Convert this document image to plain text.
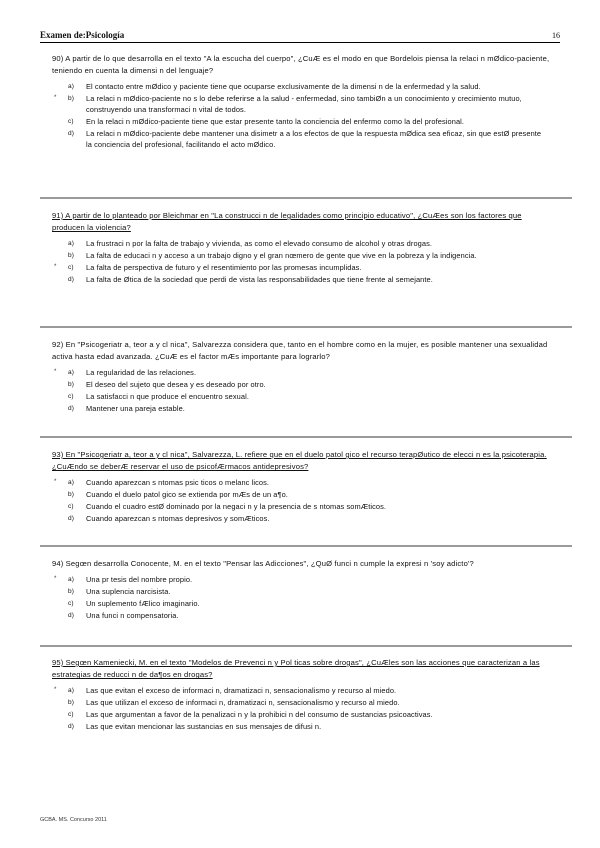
Examen de:Psicología	16
90) A partir de lo que desarrolla en el texto "A la escucha del cuerpo", ¿CuÆ es el modo en que Bordelois piensa la relaci n mØdico-paciente, teniendo en cuenta la dimensi n del lenguaje?
a) El contacto entre mØdico y paciente tiene que ocuparse exclusivamente de la dimensi n de la enfermedad y la salud.
* b) La relaci n mØdico-paciente no s lo debe referirse a la salud - enfermedad, sino tambiØn a un conocimiento y crecimiento mutuo, construyendo una transformaci n vital de todos.
c) En la relaci n mØdico-paciente tiene que estar presente tanto la conciencia del enfermo como la del profesional.
d) La relaci n mØdico-paciente debe mantener una disimetr a a los efectos de que la respuesta mØdica sea eficaz, sin que estØ presente la conciencia del profesional, facilitando el acto mØdico.
91) A partir de lo planteado por Bleichmar en "La construcci n de legalidades como principio educativo", ¿CuÆes son los factores que producen la violencia?
a) La frustraci n por la falta de trabajo y vivienda, as como el elevado consumo de alcohol y otras drogas.
b) La falta de educaci n y acceso a un trabajo digno y el gran nœmero de gente que vive en la pobreza y la indigencia.
* c) La falta de perspectiva de futuro y el resentimiento por las promesas incumplidas.
d) La falta de Øtica de la sociedad que perdi de vista las responsabilidades que tiene frente al semejante.
92) En "Psicogeriatr a, teor a y cl nica", Salvarezza considera que, tanto en el hombre como en la mujer, es posible mantener una sexualidad activa hasta edad avanzada. ¿CuÆ es el factor mÆs importante para lograrlo?
* a) La regularidad de las relaciones.
b) El deseo del sujeto que desea y es deseado por otro.
c) La satisfacci n que produce el encuentro sexual.
d) Mantener una pareja estable.
93) En "Psicogeriatr a, teor a y cl nica", Salvarezza, L. refiere que en el duelo patol gico el recurso terapØutico de elecci n es la psicoterapia. ¿CuÆndo se deberÆ reservar el uso de psicofÆrmacos antidepresivos?
* a) Cuando aparezcan s ntomas psic ticos o melanc licos.
b) Cuando el duelo patol gico se extienda por mÆs de un a¶o.
c) Cuando el cuadro estØ dominado por la negaci n y la presencia de s ntomas somÆticos.
d) Cuando aparezcan s ntomas depresivos y somÆticos.
94) Segœn desarrolla Conocente, M. en el texto "Pensar las Adicciones", ¿QuØ funci n cumple la expresi n 'soy adicto'?
* a) Una pr tesis del nombre propio.
b) Una suplencia narcisista.
c) Un suplemento fÆlico imaginario.
d) Una funci n compensatoria.
95) Segœn Kameniecki, M. en el texto "Modelos de Prevenci n y Pol ticas sobre drogas", ¿CuÆles son las acciones que caracterizan a las estrategias de reducci n de da¶os en drogas?
* a) Las que evitan el exceso de informaci n, dramatizaci n, sensacionalismo y recurso al miedo.
b) Las que utilizan el exceso de informaci n, dramatizaci n, sensacionalismo y recurso al miedo.
c) Las que argumentan a favor de la penalizaci n y la prohibici n del consumo de sustancias psicoactivas.
d) Las que evitan mencionar las sustancias en sus mensajes de difusi n.
GCBA. MS. Concurso 2011
